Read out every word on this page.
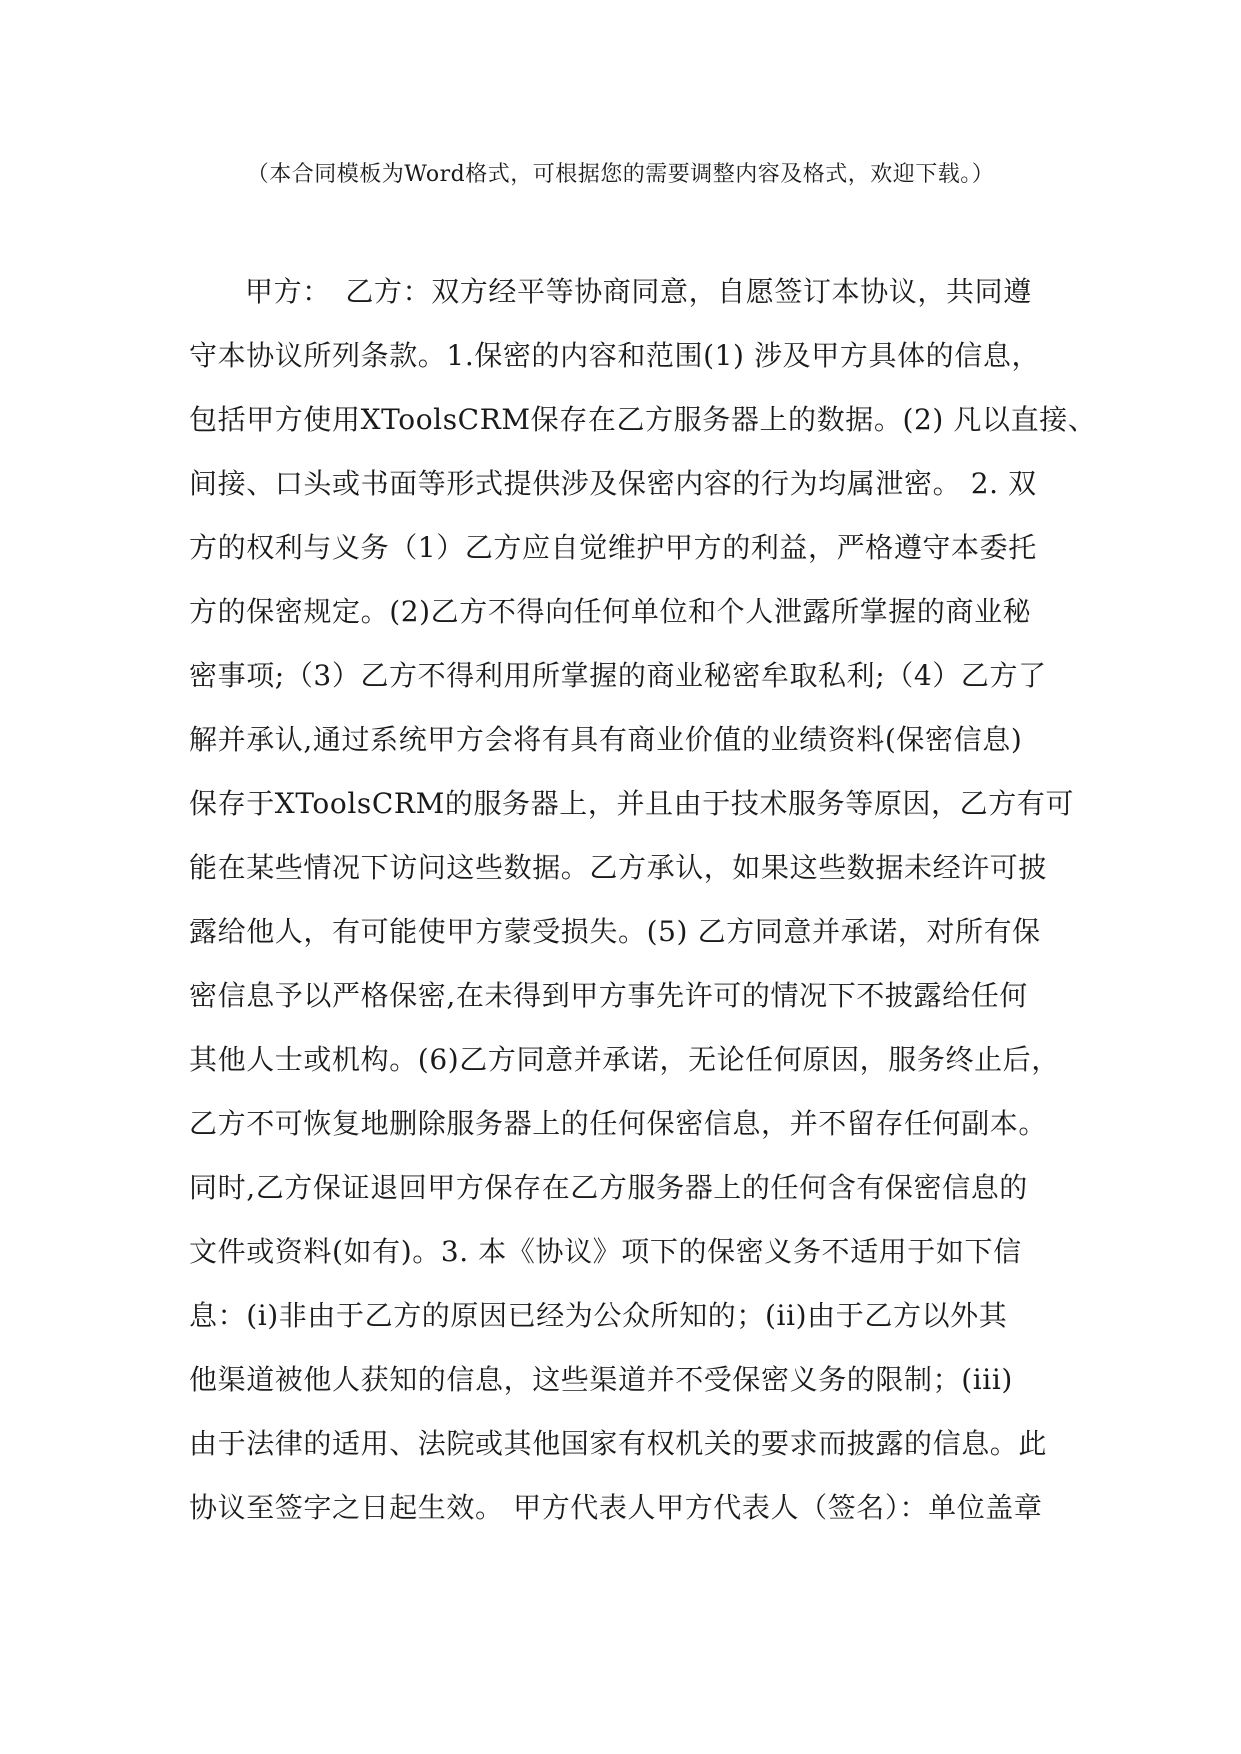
（本合同模板为Word格式，可根据您的需要调整内容及格式，欢迎下载。）
甲方：　乙方：双方经平等协商同意，自愿签订本协议，共同遵
守本协议所列条款。1.保密的内容和范围(1) 涉及甲方具体的信息，
包括甲方使用XToolsCRM保存在乙方服务器上的数据。(2) 凡以直接、
间接、口头或书面等形式提供涉及保密内容的行为均属泄密。 2. 双
方的权利与义务（1）乙方应自觉维护甲方的利益，严格遵守本委托
方的保密规定。(2)乙方不得向任何单位和个人泄露所掌握的商业秘
密事项;（3）乙方不得利用所掌握的商业秘密牟取私利;（4）乙方了
解并承认,通过系统甲方会将有具有商业价值的业绩资料(保密信息)
保存于XToolsCRM的服务器上，并且由于技术服务等原因，乙方有可
能在某些情况下访问这些数据。乙方承认，如果这些数据未经许可披
露给他人，有可能使甲方蒙受损失。(5) 乙方同意并承诺，对所有保
密信息予以严格保密,在未得到甲方事先许可的情况下不披露给任何
其他人士或机构。(6)乙方同意并承诺，无论任何原因，服务终止后，
乙方不可恢复地删除服务器上的任何保密信息，并不留存任何副本。
同时,乙方保证退回甲方保存在乙方服务器上的任何含有保密信息的
文件或资料(如有)。3. 本《协议》项下的保密义务不适用于如下信
息：(i)非由于乙方的原因已经为公众所知的；(ii)由于乙方以外其
他渠道被他人获知的信息，这些渠道并不受保密义务的限制；(iii)
由于法律的适用、法院或其他国家有权机关的要求而披露的信息。此
协议至签字之日起生效。 甲方代表人甲方代表人（签名）：单位盖章
